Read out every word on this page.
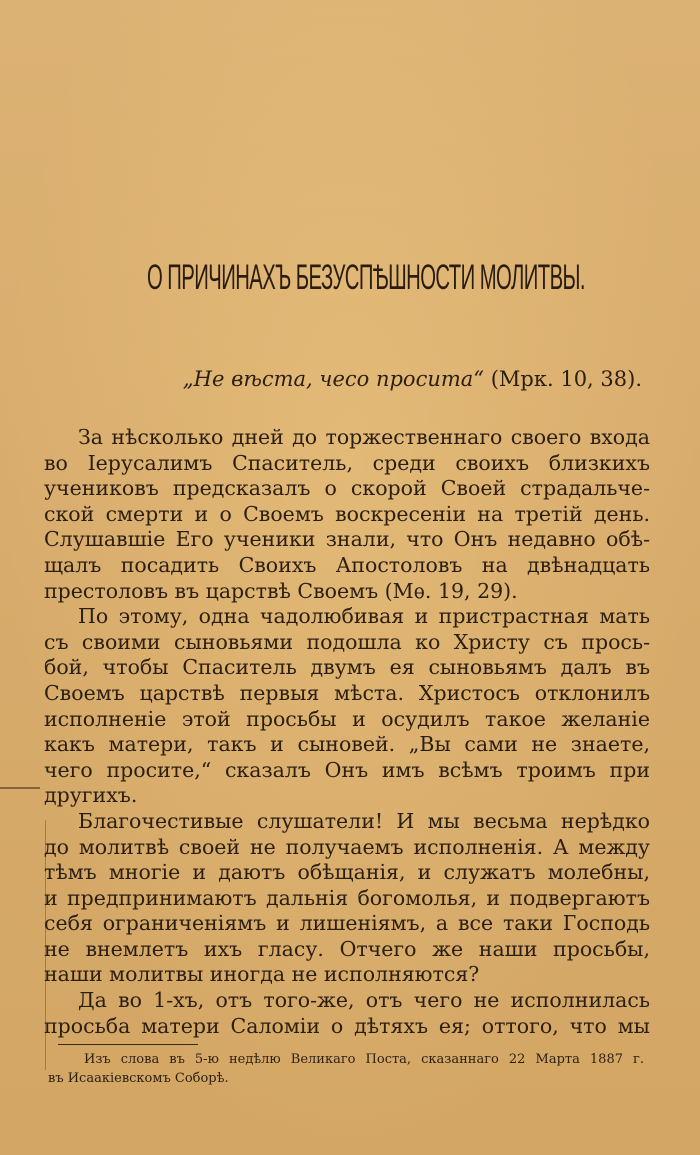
О ПРИЧИНАХЪ БЕЗУСПѢШНОСТИ МОЛИТВЫ.
„Не вѣста, чесо просита“ (Мрк. 10, 38).
За нѣсколько дней до торжественнаго своего входа
во Іерусалимъ Спаситель, среди своихъ близкихъ
учениковъ предсказалъ о скорой Своей страдальче-
ской смерти и о Своемъ воскресеніи на третій день.
Слушавшіе Его ученики знали, что Онъ недавно обѣ-
щалъ посадить Своихъ Апостоловъ на двѣнадцать
престоловъ въ царствѣ Своемъ (Мѳ. 19, 29).
По этому, одна чадолюбивая и пристрастная мать
съ своими сыновьями подошла ко Христу съ прось-
бой, чтобы Спаситель двумъ ея сыновьямъ далъ въ
Своемъ царствѣ первыя мѣста. Христосъ отклонилъ
исполненіе этой просьбы и осудилъ такое желаніе
какъ матери, такъ и сыновей. „Вы сами не знаете,
чего просите,“ сказалъ Онъ имъ всѣмъ троимъ при
другихъ.
Благочестивые слушатели! И мы весьма нерѣдко
до молитвѣ своей не получаемъ исполненія. А между
тѣмъ многіе и даютъ обѣщанія, и служатъ молебны,
и предпринимаютъ дальнія богомолья, и подвергаютъ
себя ограниченіямъ и лишеніямъ, а все таки Господь
не внемлетъ ихъ гласу. Отчего же наши просьбы,
наши молитвы иногда не исполняются?
Да во 1-хъ, отъ того-же, отъ чего не исполнилась
просьба матери Саломіи о дѣтяхъ ея; оттого, что мы
Изъ слова въ 5-ю недѣлю Великаго Поста, сказаннаго 22 Марта 1887 г.
въ Исаакіевскомъ Соборѣ.
